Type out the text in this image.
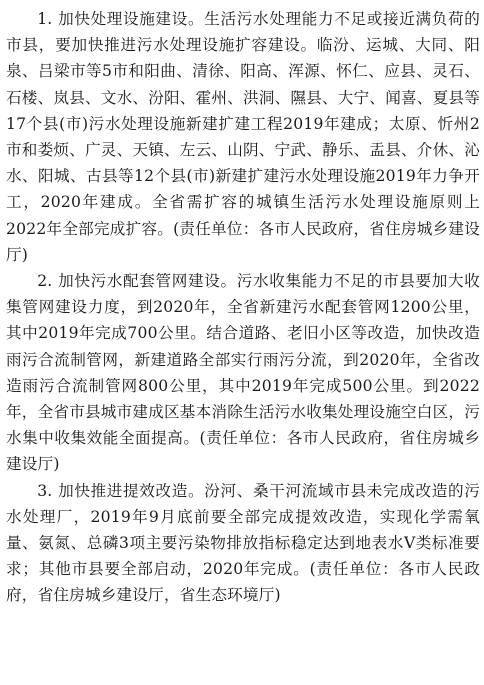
1. 加快处理设施建设。生活污水处理能力不足或接近满负荷的市县，要加快推进污水处理设施扩容建设。临汾、运城、大同、阳泉、吕梁市等5市和阳曲、清徐、阳高、浑源、怀仁、应县、灵石、石楼、岚县、文水、汾阳、霍州、洪洞、隰县、大宁、闻喜、夏县等17个县(市)污水处理设施新建扩建工程2019年建成；太原、忻州2市和娄烦、广灵、天镇、左云、山阴、宁武、静乐、盂县、介休、沁水、阳城、古县等12个县(市)新建扩建污水处理设施2019年力争开工，2020年建成。全省需扩容的城镇生活污水处理设施原则上2022年全部完成扩容。(责任单位：各市人民政府，省住房城乡建设厅)

2. 加快污水配套管网建设。污水收集能力不足的市县要加大收集管网建设力度，到2020年，全省新建污水配套管网1200公里，其中2019年完成700公里。结合道路、老旧小区等改造，加快改造雨污合流制管网，新建道路全部实行雨污分流，到2020年，全省改造雨污合流制管网800公里，其中2019年完成500公里。到2022年，全省市县城市建成区基本消除生活污水收集处理设施空白区，污水集中收集效能全面提高。(责任单位：各市人民政府，省住房城乡建设厅)

3. 加快推进提效改造。汾河、桑干河流域市县未完成改造的污水处理厂，2019年9月底前要全部完成提效改造，实现化学需氧量、氨氮、总磷3项主要污染物排放指标稳定达到地表水Ⅴ类标准要求；其他市县要全部启动，2020年完成。(责任单位：各市人民政府，省住房城乡建设厅，省生态环境厅)
